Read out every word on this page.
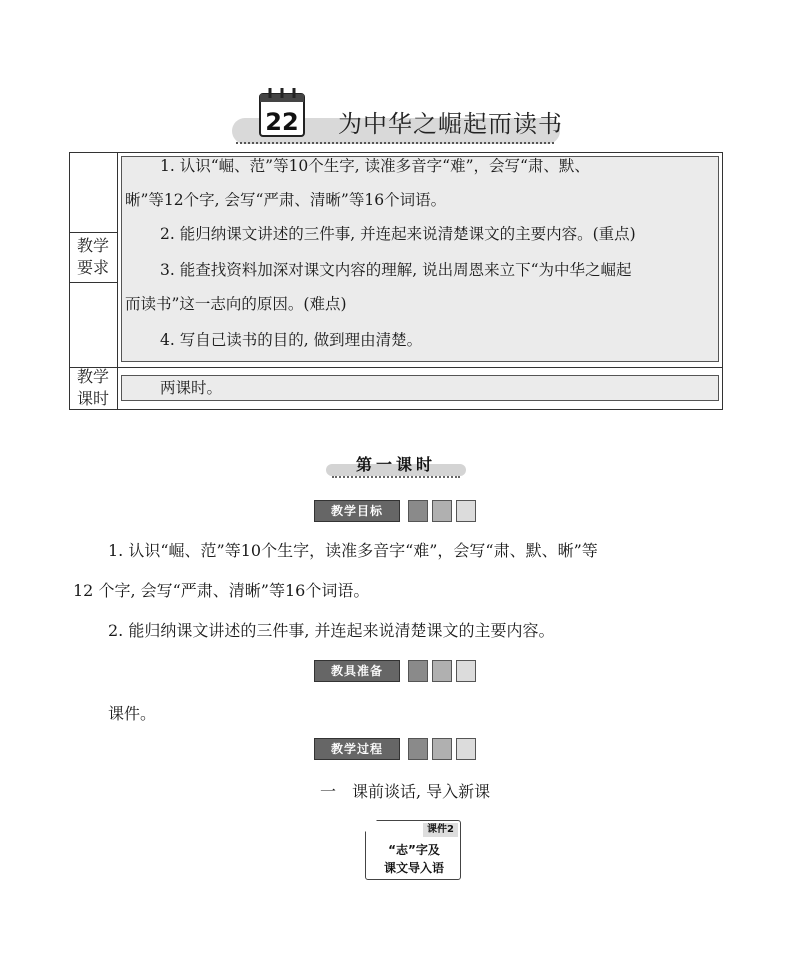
22 为中华之崛起而读书
教学
要求
教学
课时
1. 认识“崛、范”等10个生字, 读准多音字“难”，会写“肃、默、
晰”等12个字, 会写“严肃、清晰”等16个词语。
2. 能归纳课文讲述的三件事, 并连起来说清楚课文的主要内容。(重点)
3. 能查找资料加深对课文内容的理解, 说出周恩来立下“为中华之崛起
而读书”这一志向的原因。(难点)
4. 写自己读书的目的, 做到理由清楚。
两课时。
第一课时
教学目标
1. 认识“崛、范”等10个生字，读准多音字“难”，会写“肃、默、晰”等
12 个字, 会写“严肃、清晰”等16个词语。
2. 能归纳课文讲述的三件事, 并连起来说清楚课文的主要内容。
教具准备
课件。
教学过程
一　课前谈话, 导入新课
课件2
“志”字及
课文导入语
